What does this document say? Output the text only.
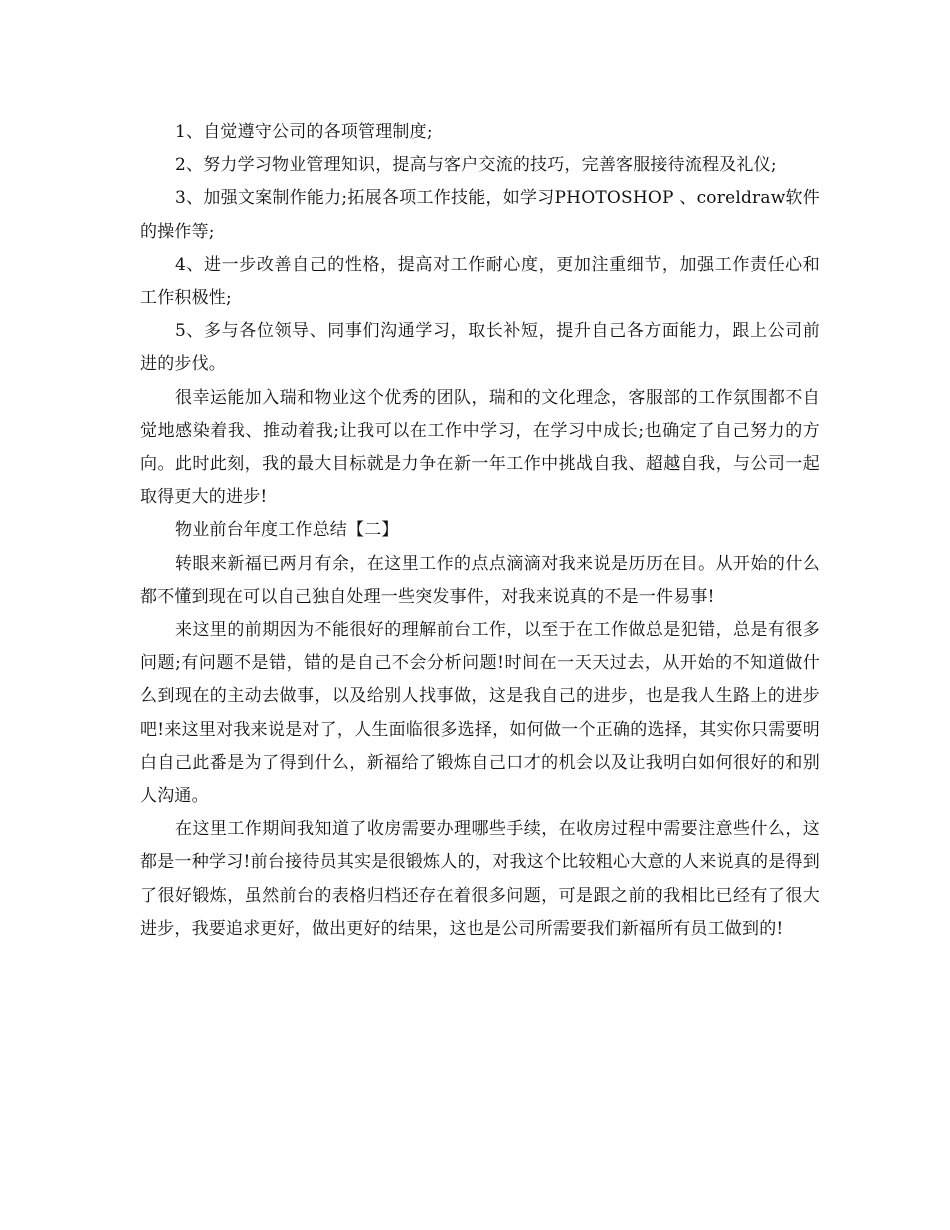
1、自觉遵守公司的各项管理制度;

2、努力学习物业管理知识，提高与客户交流的技巧，完善客服接待流程及礼仪;

3、加强文案制作能力;拓展各项工作技能，如学习PHOTOSHOP 、coreldraw软件的操作等;

4、进一步改善自己的性格，提高对工作耐心度，更加注重细节，加强工作责任心和工作积极性;

5、多与各位领导、同事们沟通学习，取长补短，提升自己各方面能力，跟上公司前进的步伐。

很幸运能加入瑞和物业这个优秀的团队，瑞和的文化理念，客服部的工作氛围都不自觉地感染着我、推动着我;让我可以在工作中学习，在学习中成长;也确定了自己努力的方向。此时此刻，我的最大目标就是力争在新一年工作中挑战自我、超越自我，与公司一起取得更大的进步!

物业前台年度工作总结【二】

转眼来新福已两月有余，在这里工作的点点滴滴对我来说是历历在目。从开始的什么都不懂到现在可以自己独自处理一些突发事件，对我来说真的不是一件易事!

来这里的前期因为不能很好的理解前台工作，以至于在工作做总是犯错，总是有很多问题;有问题不是错，错的是自己不会分析问题!时间在一天天过去，从开始的不知道做什么到现在的主动去做事，以及给别人找事做，这是我自己的进步，也是我人生路上的进步吧!来这里对我来说是对了，人生面临很多选择，如何做一个正确的选择，其实你只需要明白自己此番是为了得到什么，新福给了锻炼自己口才的机会以及让我明白如何很好的和别人沟通。

在这里工作期间我知道了收房需要办理哪些手续，在收房过程中需要注意些什么，这都是一种学习!前台接待员其实是很锻炼人的，对我这个比较粗心大意的人来说真的是得到了很好锻炼，虽然前台的表格归档还存在着很多问题，可是跟之前的我相比已经有了很大进步，我要追求更好，做出更好的结果，这也是公司所需要我们新福所有员工做到的!
